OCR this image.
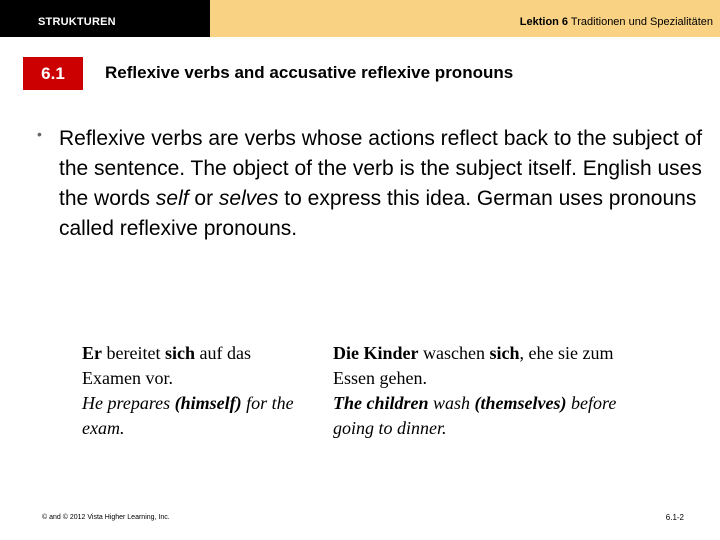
STRUKTUREN	Lektion 6 Traditionen und Spezialitäten
6.1	Reflexive verbs and accusative reflexive pronouns
• Reflexive verbs are verbs whose actions reflect back to the subject of the sentence. The object of the verb is the subject itself. English uses the words self or selves to express this idea. German uses pronouns called reflexive pronouns.
Er bereitet sich auf das Examen vor.
He prepares (himself) for the exam.
Die Kinder waschen sich, ehe sie zum Essen gehen.
The children wash (themselves) before going to dinner.
© and © 2012 Vista Higher Learning, Inc.	6.1-2
